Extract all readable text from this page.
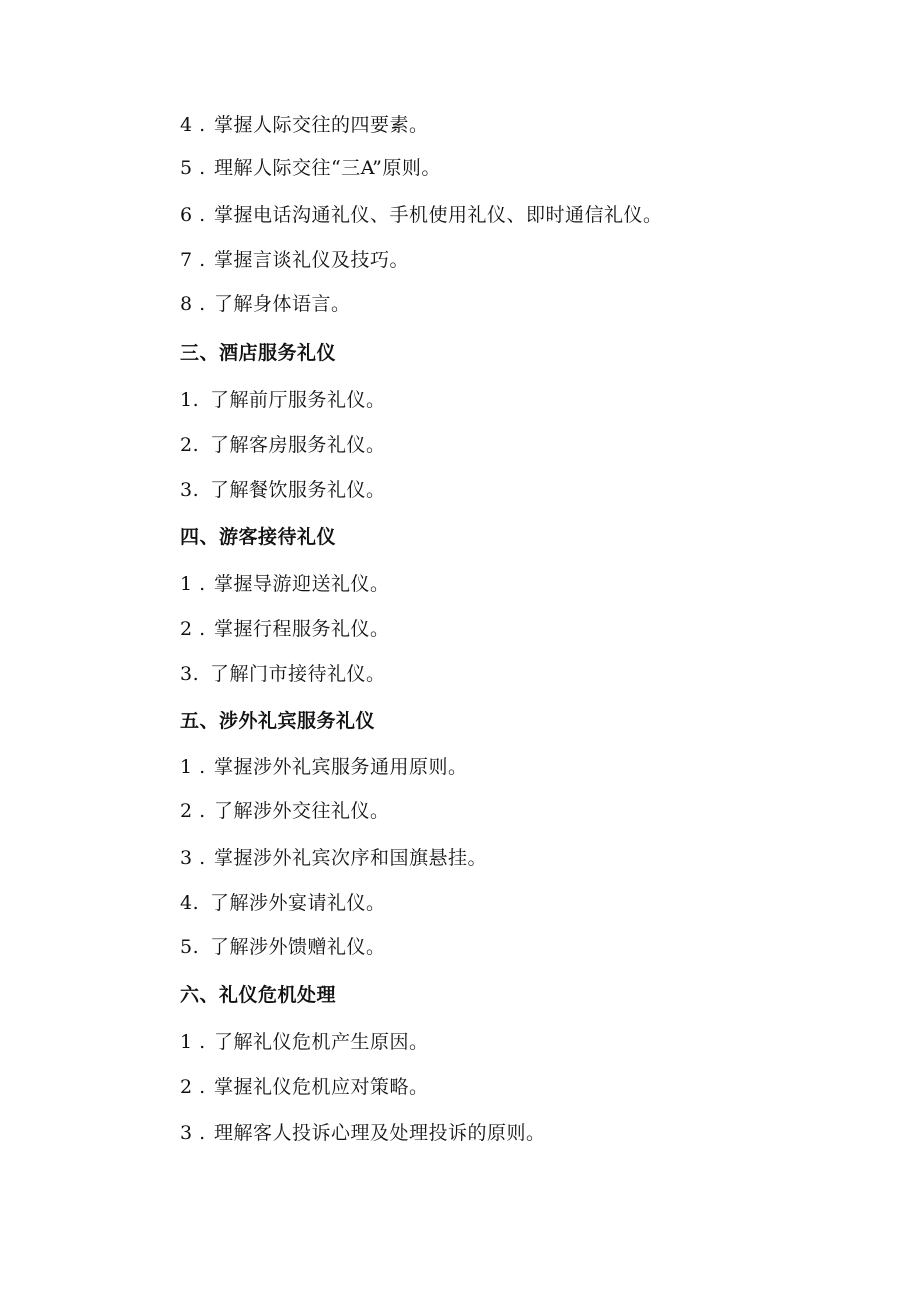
4 . 掌握人际交往的四要素。
5 . 理解人际交往“三A”原则。
6 . 掌握电话沟通礼仪、手机使用礼仪、即时通信礼仪。
7 . 掌握言谈礼仪及技巧。
8 . 了解身体语言。
三、酒店服务礼仪
1. 了解前厅服务礼仪。
2. 了解客房服务礼仪。
3. 了解餐饮服务礼仪。
四、游客接待礼仪
1 . 掌握导游迎送礼仪。
2 . 掌握行程服务礼仪。
3. 了解门市接待礼仪。
五、涉外礼宾服务礼仪
1 . 掌握涉外礼宾服务通用原则。
2 . 了解涉外交往礼仪。
3 . 掌握涉外礼宾次序和国旗悬挂。
4. 了解涉外宴请礼仪。
5. 了解涉外馈赠礼仪。
六、礼仪危机处理
1 . 了解礼仪危机产生原因。
2 . 掌握礼仪危机应对策略。
3 . 理解客人投诉心理及处理投诉的原则。
